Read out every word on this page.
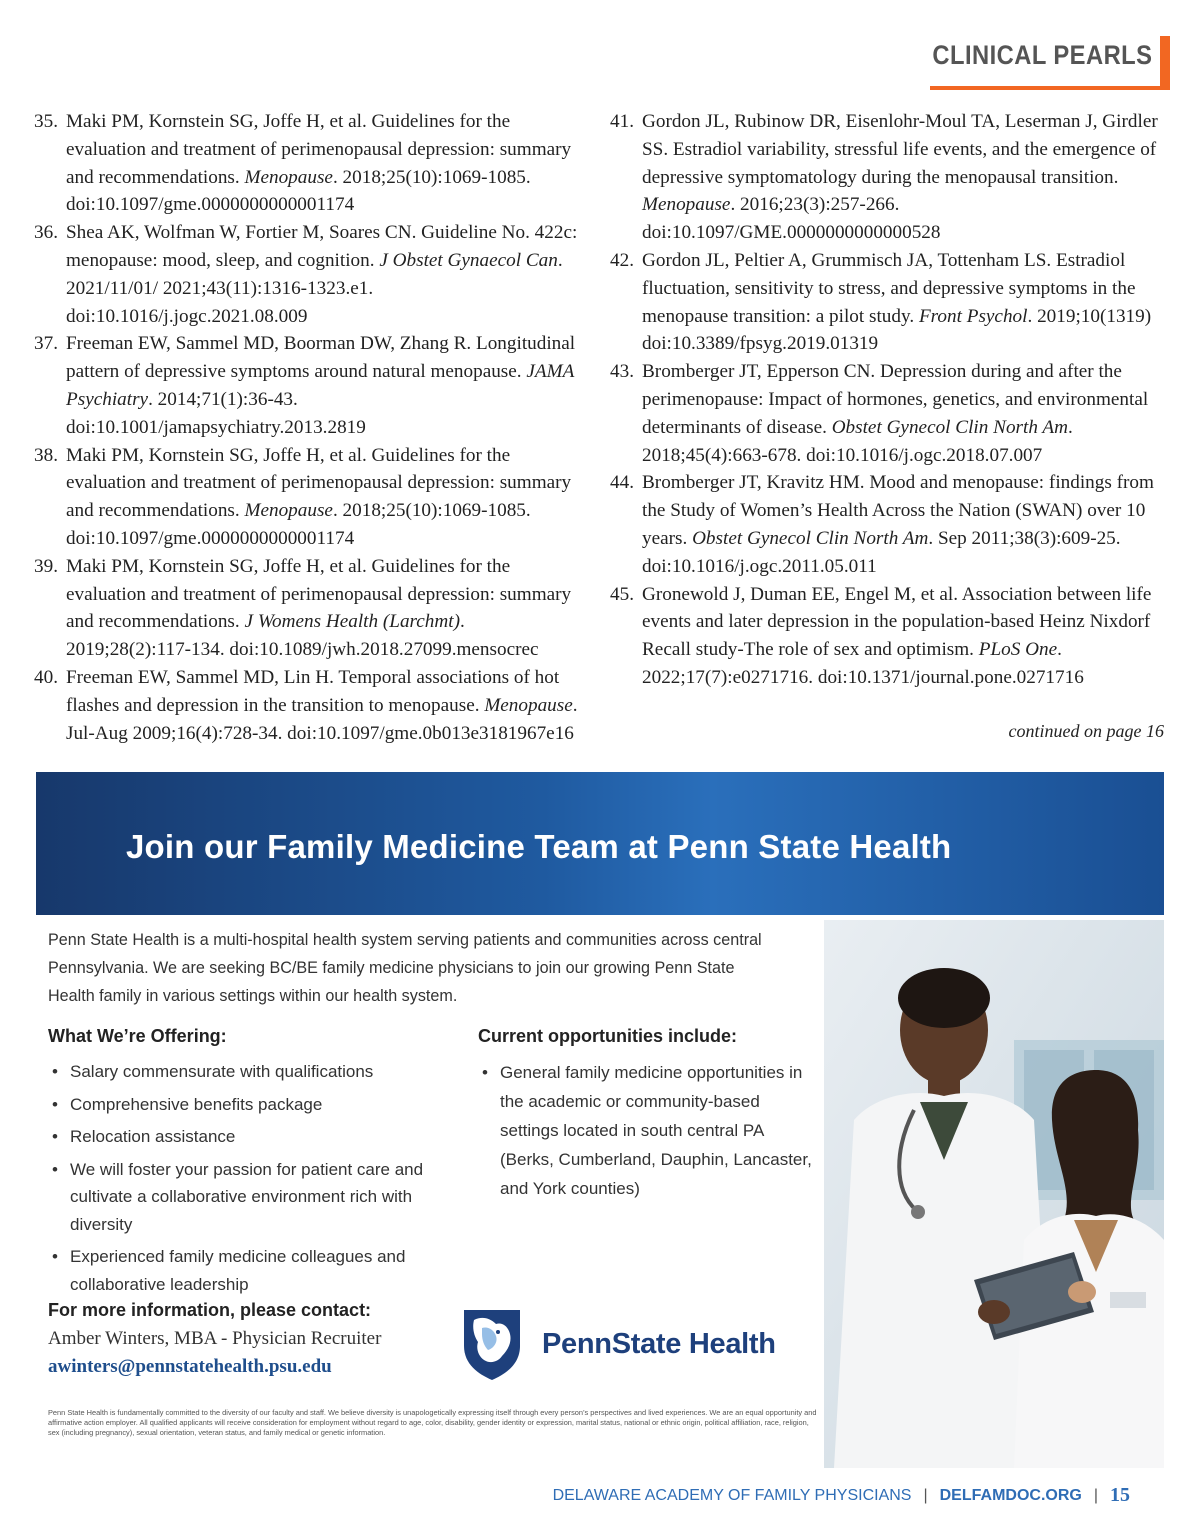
CLINICAL PEARLS
35. Maki PM, Kornstein SG, Joffe H, et al. Guidelines for the evaluation and treatment of perimenopausal depression: summary and recommendations. Menopause. 2018;25(10):1069-1085. doi:10.1097/gme.0000000000001174
36. Shea AK, Wolfman W, Fortier M, Soares CN. Guideline No. 422c: menopause: mood, sleep, and cognition. J Obstet Gynaecol Can. 2021/11/01/ 2021;43(11):1316-1323.e1. doi:10.1016/j.jogc.2021.08.009
37. Freeman EW, Sammel MD, Boorman DW, Zhang R. Longitudinal pattern of depressive symptoms around natural menopause. JAMA Psychiatry. 2014;71(1):36-43. doi:10.1001/jamapsychiatry.2013.2819
38. Maki PM, Kornstein SG, Joffe H, et al. Guidelines for the evaluation and treatment of perimenopausal depression: summary and recommendations. Menopause. 2018;25(10):1069-1085. doi:10.1097/gme.0000000000001174
39. Maki PM, Kornstein SG, Joffe H, et al. Guidelines for the evaluation and treatment of perimenopausal depression: summary and recommendations. J Womens Health (Larchmt). 2019;28(2):117-134. doi:10.1089/jwh.2018.27099.mensocrec
40. Freeman EW, Sammel MD, Lin H. Temporal associations of hot flashes and depression in the transition to menopause. Menopause. Jul-Aug 2009;16(4):728-34. doi:10.1097/gme.0b013e3181967e16
41. Gordon JL, Rubinow DR, Eisenlohr-Moul TA, Leserman J, Girdler SS. Estradiol variability, stressful life events, and the emergence of depressive symptomatology during the menopausal transition. Menopause. 2016;23(3):257-266. doi:10.1097/GME.0000000000000528
42. Gordon JL, Peltier A, Grummisch JA, Tottenham LS. Estradiol fluctuation, sensitivity to stress, and depressive symptoms in the menopause transition: a pilot study. Front Psychol. 2019;10(1319) doi:10.3389/fpsyg.2019.01319
43. Bromberger JT, Epperson CN. Depression during and after the perimenopause: Impact of hormones, genetics, and environmental determinants of disease. Obstet Gynecol Clin North Am. 2018;45(4):663-678. doi:10.1016/j.ogc.2018.07.007
44. Bromberger JT, Kravitz HM. Mood and menopause: findings from the Study of Women’s Health Across the Nation (SWAN) over 10 years. Obstet Gynecol Clin North Am. Sep 2011;38(3):609-25. doi:10.1016/j.ogc.2011.05.011
45. Gronewold J, Duman EE, Engel M, et al. Association between life events and later depression in the population-based Heinz Nixdorf Recall study-The role of sex and optimism. PLoS One. 2022;17(7):e0271716. doi:10.1371/journal.pone.0271716
continued on page 16
Join our Family Medicine Team at Penn State Health

Penn State Health is a multi-hospital health system serving patients and communities across central Pennsylvania. We are seeking BC/BE family medicine physicians to join our growing Penn State Health family in various settings within our health system.

What We’re Offering:
• Salary commensurate with qualifications
• Comprehensive benefits package
• Relocation assistance
• We will foster your passion for patient care and cultivate a collaborative environment rich with diversity
• Experienced family medicine colleagues and collaborative leadership
Current opportunities include:
• General family medicine opportunities in the academic or community-based settings located in south central PA (Berks, Cumberland, Dauphin, Lancaster, and York counties)
For more information, please contact:
Amber Winters, MBA - Physician Recruiter
awinters@pennstatehealth.psu.edu
PennState Health

Penn State Health is fundamentally committed to the diversity of our faculty and staff. We believe diversity is unapologetically expressing itself through every person’s perspectives and lived experiences. We are an equal opportunity and affirmative action employer. All qualified applicants will receive consideration for employment without regard to age, color, disability, gender identity or expression, marital status, national or ethnic origin, political affiliation, race, religion, sex (including pregnancy), sexual orientation, veteran status, and family medical or genetic information.

DELAWARE ACADEMY OF FAMILY PHYSICIANS | DELFAMDOC.ORG | 15
